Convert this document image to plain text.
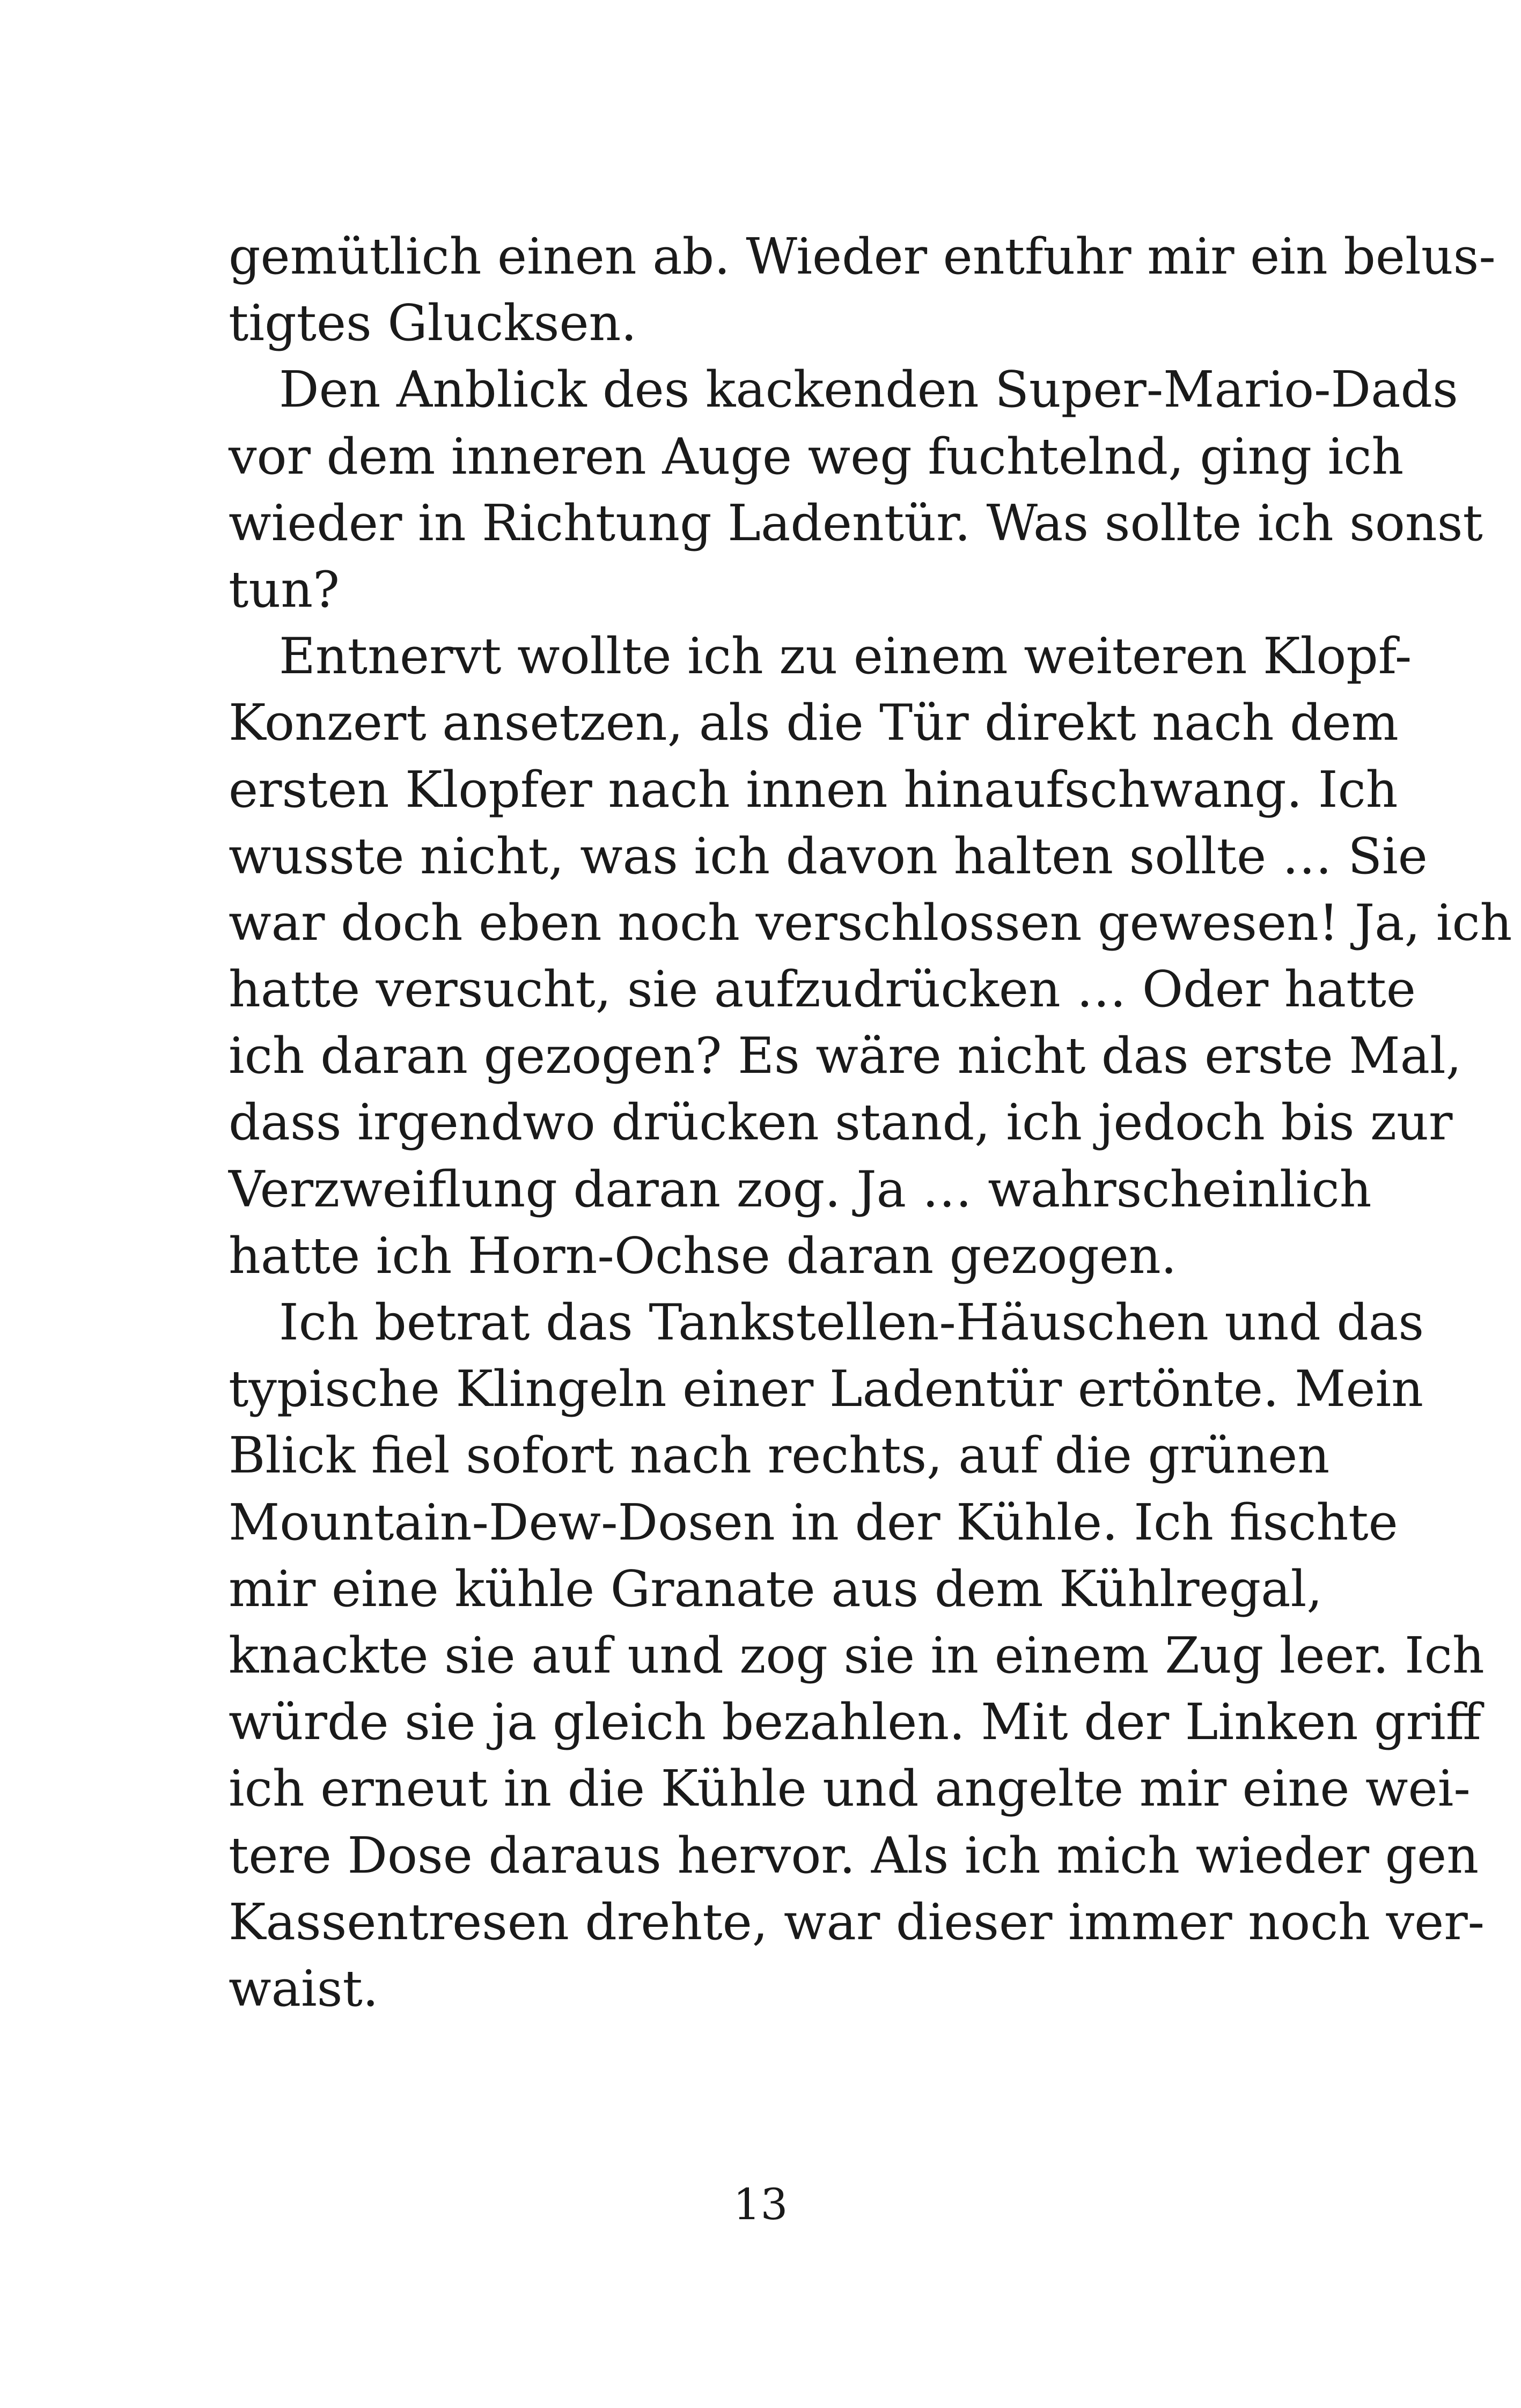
gemütlich einen ab. Wieder entfuhr mir ein belus-
tigtes Glucksen.
Den Anblick des kackenden Super-Mario-Dads
vor dem inneren Auge weg fuchtelnd, ging ich
wieder in Richtung Ladentür. Was sollte ich sonst
tun?
Entnervt wollte ich zu einem weiteren Klopf-
Konzert ansetzen, als die Tür direkt nach dem
ersten Klopfer nach innen hinaufschwang. Ich
wusste nicht, was ich davon halten sollte … Sie
war doch eben noch verschlossen gewesen! Ja, ich
hatte versucht, sie aufzudrücken … Oder hatte
ich daran gezogen? Es wäre nicht das erste Mal,
dass irgendwo drücken stand, ich jedoch bis zur
Verzweiflung daran zog. Ja … wahrscheinlich
hatte ich Horn-Ochse daran gezogen.
Ich betrat das Tankstellen-Häuschen und das
typische Klingeln einer Ladentür ertönte. Mein
Blick fiel sofort nach rechts, auf die grünen
Mountain-Dew-Dosen in der Kühle. Ich fischte
mir eine kühle Granate aus dem Kühlregal,
knackte sie auf und zog sie in einem Zug leer. Ich
würde sie ja gleich bezahlen. Mit der Linken griff
ich erneut in die Kühle und angelte mir eine wei-
tere Dose daraus hervor. Als ich mich wieder gen
Kassentresen drehte, war dieser immer noch ver-
waist.
13
